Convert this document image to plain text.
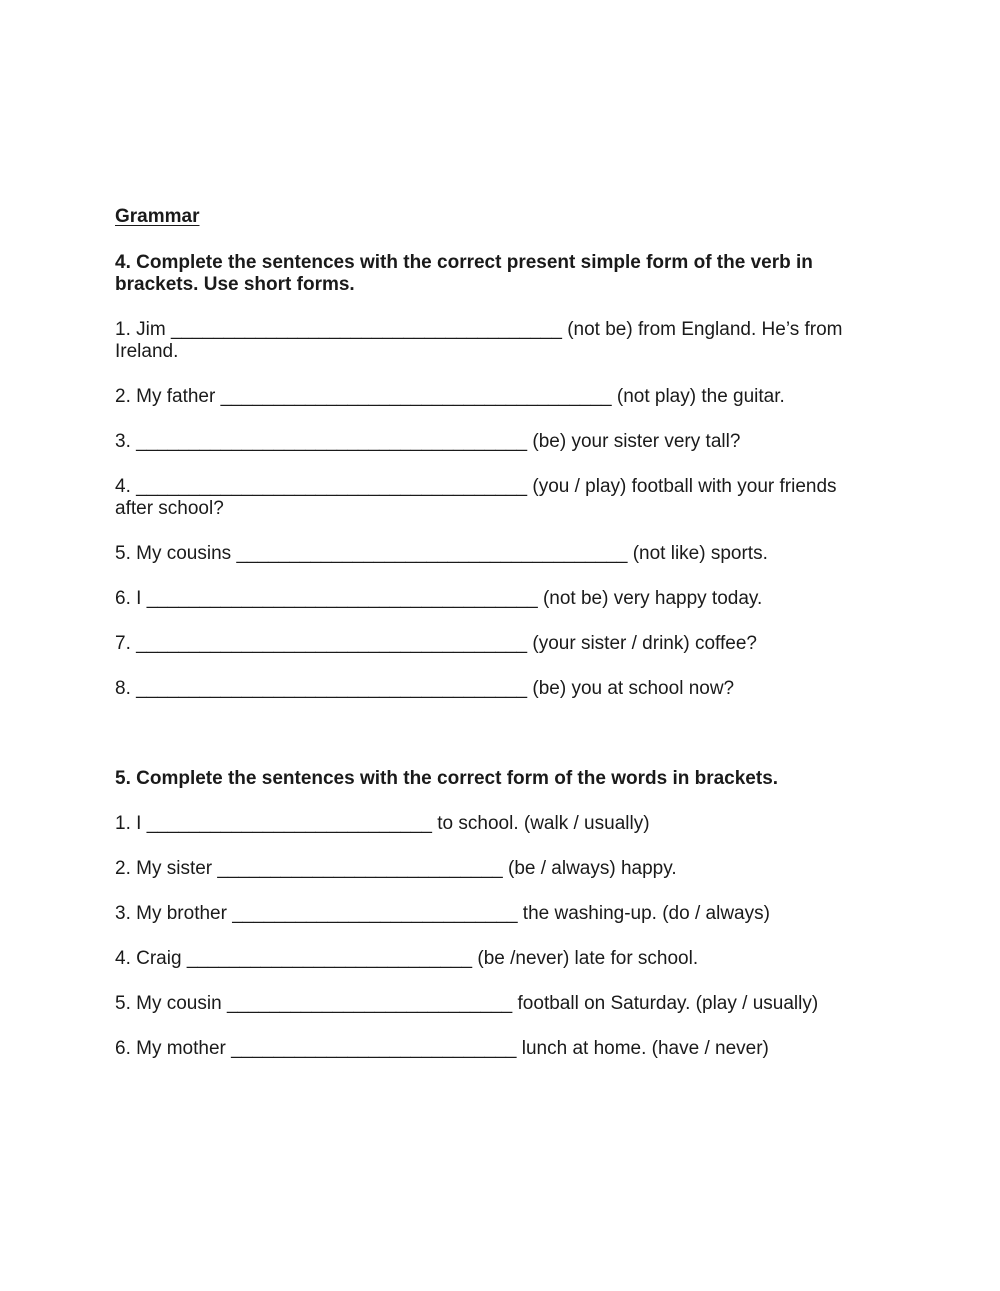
Grammar
4. Complete the sentences with the correct present simple form of the verb in brackets. Use short forms.
1. Jim _____________________________________ (not be) from England. He’s from Ireland.
2. My father _____________________________________ (not play) the guitar.
3. _____________________________________ (be) your sister very tall?
4. _____________________________________ (you / play) football with your friends after school?
5. My cousins _____________________________________ (not like) sports.
6. I _____________________________________ (not be) very happy today.
7. _____________________________________ (your sister / drink) coffee?
8. _____________________________________ (be) you at school now?
5. Complete the sentences with the correct form of the words in brackets.
1. I ___________________________ to school. (walk / usually)
2. My sister ___________________________ (be / always) happy.
3. My brother ___________________________ the washing-up. (do / always)
4. Craig ___________________________ (be /never) late for school.
5. My cousin ___________________________ football on Saturday. (play / usually)
6. My mother ___________________________ lunch at home. (have / never)
